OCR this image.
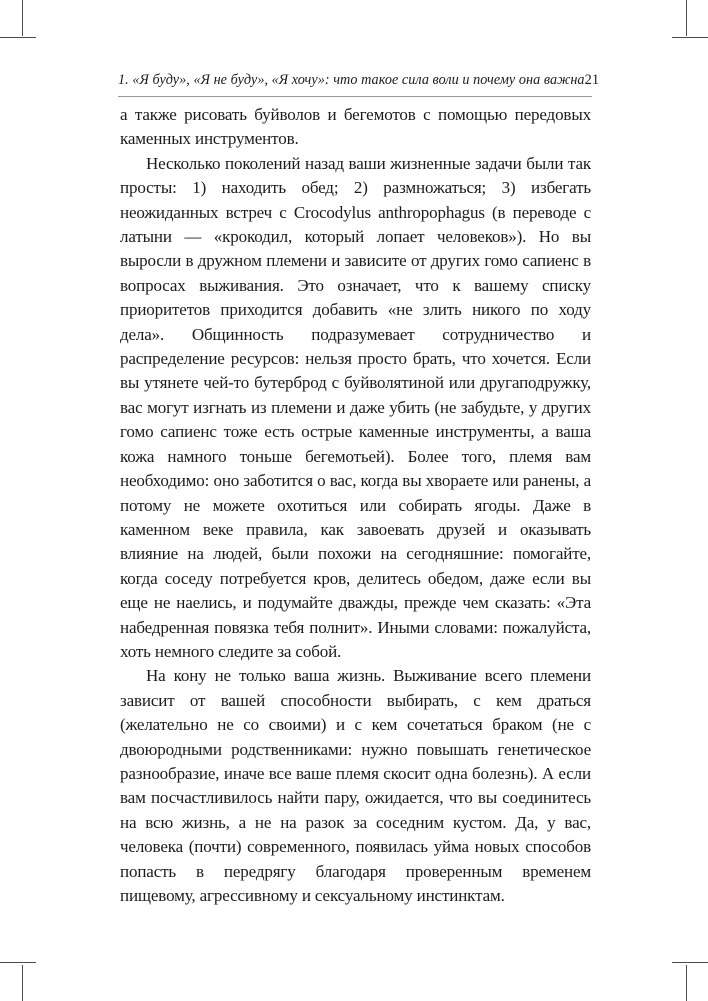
1. «Я буду», «Я не буду», «Я хочу»: что такое сила воли и почему она важна 21

а также рисовать буйволов и бегемотов с помощью передовых каменных инструментов.

Несколько поколений назад ваши жизненные задачи были так просты: 1) находить обед; 2) размножаться; 3) избегать неожиданных встреч с Crocodylus anthropophagus (в переводе с латыни — «крокодил, который лопает человеков»). Но вы выросли в дружном племени и зависите от других гомо сапиенс в вопросах выживания. Это означает, что к вашему списку приоритетов приходится добавить «не злить никого по ходу дела». Общинность подразумевает сотрудничество и распределение ресурсов: нельзя просто брать, что хочется. Если вы утянете чей-то бутерброд с буйволятиной или другаподружку, вас могут изгнать из племени и даже убить (не забудьте, у других гомо сапиенс тоже есть острые каменные инструменты, а ваша кожа намного тоньше бегемотьей). Более того, племя вам необходимо: оно заботится о вас, когда вы хвораете или ранены, а потому не можете охотиться или собирать ягоды. Даже в каменном веке правила, как завоевать друзей и оказывать влияние на людей, были похожи на сегодняшние: помогайте, когда соседу потребуется кров, делитесь обедом, даже если вы еще не наелись, и подумайте дважды, прежде чем сказать: «Эта набедренная повязка тебя полнит». Иными словами: пожалуйста, хоть немного следите за собой.

На кону не только ваша жизнь. Выживание всего племени зависит от вашей способности выбирать, с кем драться (желательно не со своими) и с кем сочетаться браком (не с двоюродными родственниками: нужно повышать генетическое разнообразие, иначе все ваше племя скосит одна болезнь). А если вам посчастливилось найти пару, ожидается, что вы соединитесь на всю жизнь, а не на разок за соседним кустом. Да, у вас, человека (почти) современного, появилась уйма новых способов попасть в передрягу благодаря проверенным временем пищевому, агрессивному и сексуальному инстинктам.
